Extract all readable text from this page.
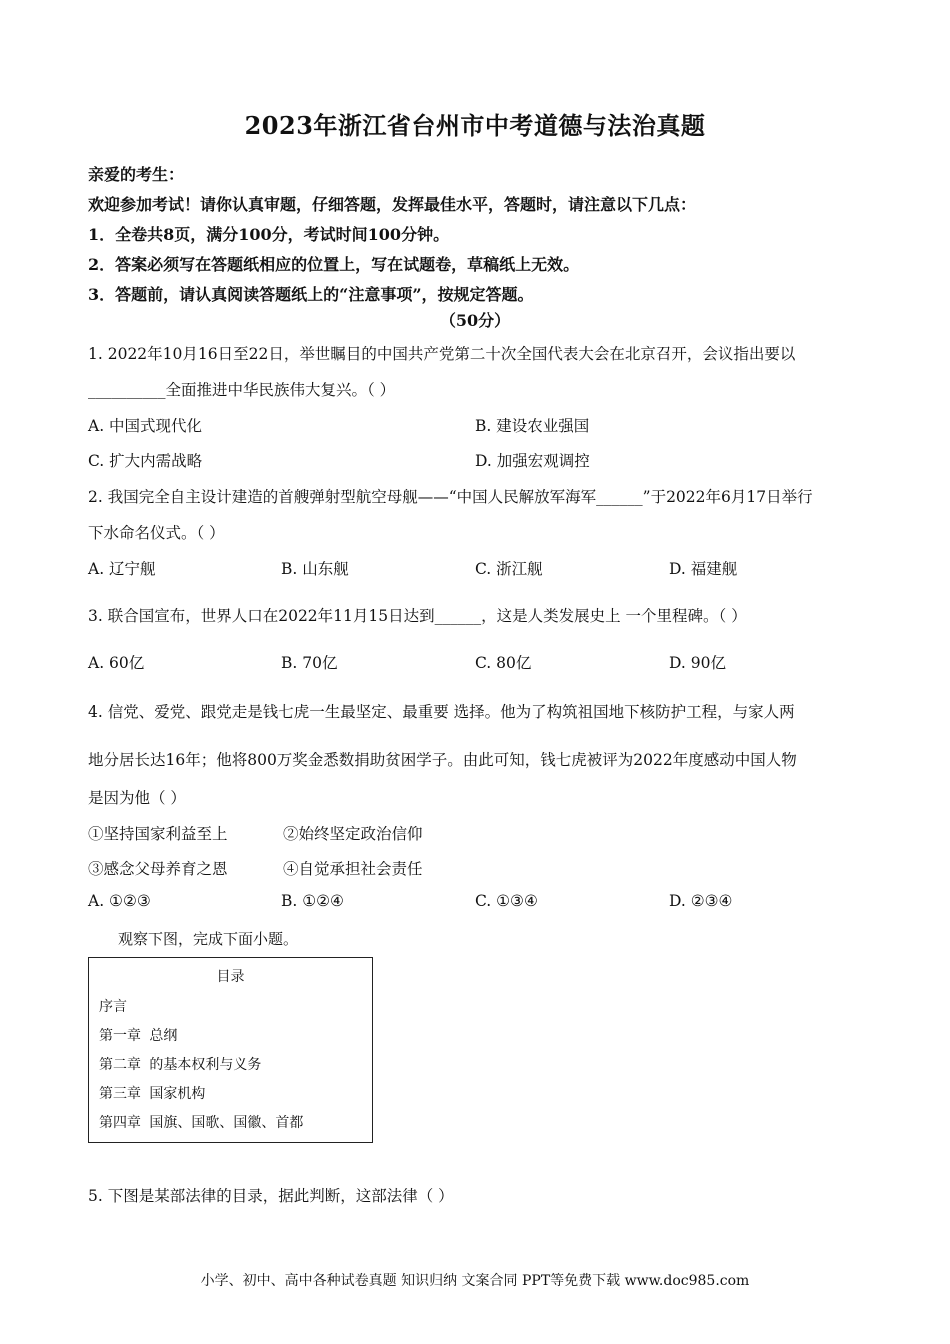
2023年浙江省台州市中考道德与法治真题
亲爱的考生：
欢迎参加考试！请你认真审题，仔细答题，发挥最佳水平，答题时，请注意以下几点：
1．全卷共8页，满分100分，考试时间100分钟。
2．答案必须写在答题纸相应的位置上，写在试题卷，草稿纸上无效。
3．答题前，请认真阅读答题纸上的“注意事项”，按规定答题。
（50分）
1. 2022年10月16日至22日，举世瞩目的中国共产党第二十次全国代表大会在北京召开，会议指出要以
__________全面推进中华民族伟大复兴。（ ）
A. 中国式现代化	B. 建设农业强国
C. 扩大内需战略	D. 加强宏观调控
2. 我国完全自主设计建造的首艘弹射型航空母舰——“中国人民解放军海军______”于2022年6月17日举行
下水命名仪式。（ ）
A. 辽宁舰	B. 山东舰	C. 浙江舰	D. 福建舰
3. 联合国宣布，世界人口在2022年11月15日达到______，这是人类发展史上 一个里程碑。（ ）
A. 60亿	B. 70亿	C. 80亿	D. 90亿
4. 信党、爱党、跟党走是钱七虎一生最坚定、最重要 选择。他为了构筑祖国地下核防护工程，与家人两
地分居长达16年；他将800万奖金悉数捐助贫困学子。由此可知，钱七虎被评为2022年度感动中国人物
是因为他（ ）
①坚持国家利益至上	②始终坚定政治信仰
③感念父母养育之恩	④自觉承担社会责任
A. ①②③	B. ①②④	C. ①③④	D. ②③④
观察下图，完成下面小题。
目录
序言
第一章 总纲
第二章 的基本权利与义务
第三章 国家机构
第四章 国旗、国歌、国徽、首都
5. 下图是某部法律的目录，据此判断，这部法律（ ）
小学、初中、高中各种试卷真题 知识归纳 文案合同 PPT等免费下载 www.doc985.com
